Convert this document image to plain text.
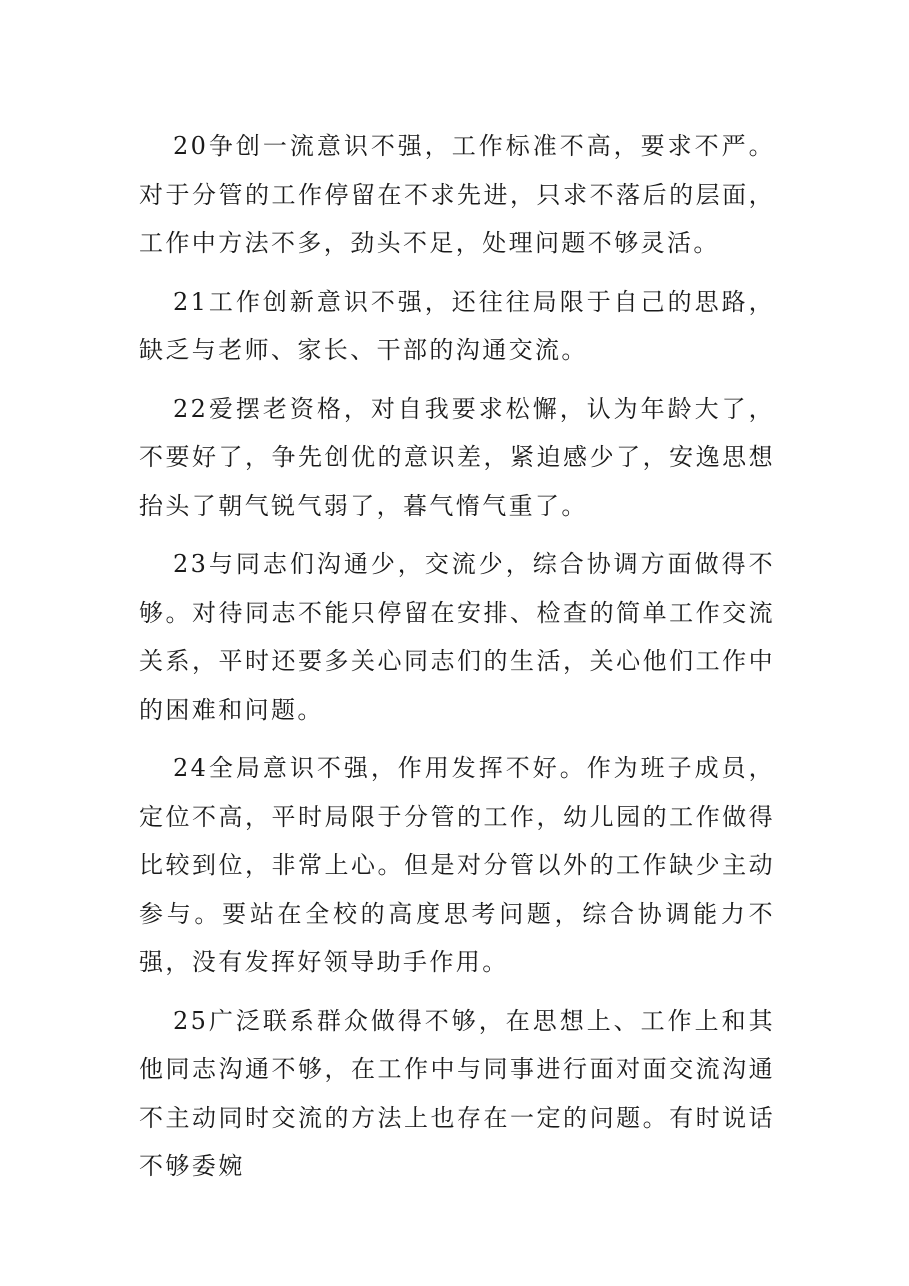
20争创一流意识不强，工作标准不高，要求不严。对于分管的工作停留在不求先进，只求不落后的层面，工作中方法不多，劲头不足，处理问题不够灵活。

21工作创新意识不强，还往往局限于自己的思路，缺乏与老师、家长、干部的沟通交流。

22爱摆老资格，对自我要求松懈，认为年龄大了，不要好了，争先创优的意识差，紧迫感少了，安逸思想抬头了朝气锐气弱了，暮气惰气重了。

23与同志们沟通少，交流少，综合协调方面做得不够。对待同志不能只停留在安排、检查的简单工作交流关系，平时还要多关心同志们的生活，关心他们工作中的困难和问题。

24全局意识不强，作用发挥不好。作为班子成员，定位不高，平时局限于分管的工作，幼儿园的工作做得比较到位，非常上心。但是对分管以外的工作缺少主动参与。要站在全校的高度思考问题，综合协调能力不强，没有发挥好领导助手作用。

25广泛联系群众做得不够，在思想上、工作上和其他同志沟通不够，在工作中与同事进行面对面交流沟通不主动同时交流的方法上也存在一定的问题。有时说话不够委婉
